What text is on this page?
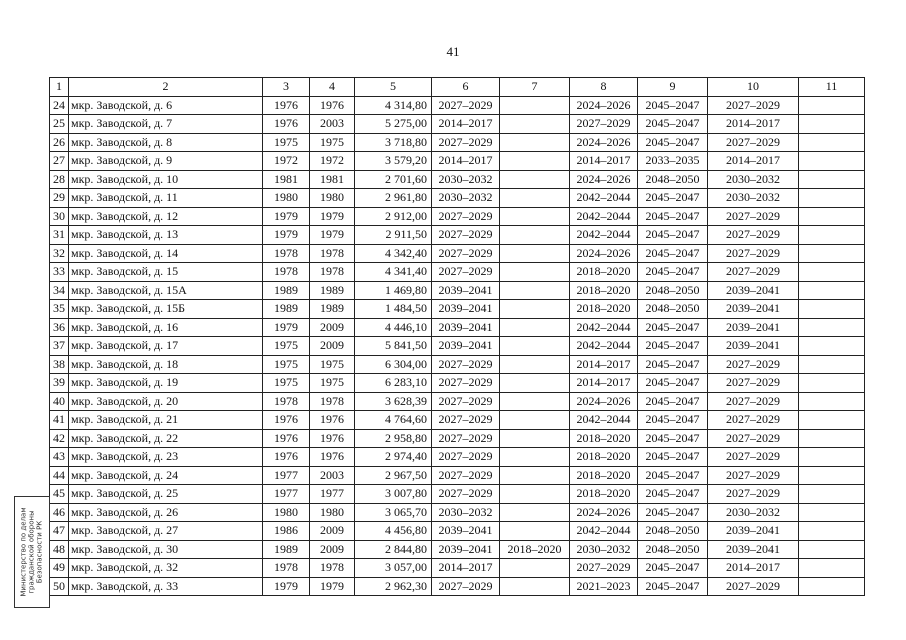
41
1	2	3	4	5	6	7	8	9	10	11
24	мкр. Заводской, д. 6	1976	1976	4 314,80	2027–2029		2024–2026	2045–2047	2027–2029	
25	мкр. Заводской, д. 7	1976	2003	5 275,00	2014–2017		2027–2029	2045–2047	2014–2017	
26	мкр. Заводской, д. 8	1975	1975	3 718,80	2027–2029		2024–2026	2045–2047	2027–2029	
27	мкр. Заводской, д. 9	1972	1972	3 579,20	2014–2017		2014–2017	2033–2035	2014–2017	
28	мкр. Заводской, д. 10	1981	1981	2 701,60	2030–2032		2024–2026	2048–2050	2030–2032	
29	мкр. Заводской, д. 11	1980	1980	2 961,80	2030–2032		2042–2044	2045–2047	2030–2032	
30	мкр. Заводской, д. 12	1979	1979	2 912,00	2027–2029		2042–2044	2045–2047	2027–2029	
31	мкр. Заводской, д. 13	1979	1979	2 911,50	2027–2029		2042–2044	2045–2047	2027–2029	
32	мкр. Заводской, д. 14	1978	1978	4 342,40	2027–2029		2024–2026	2045–2047	2027–2029	
33	мкр. Заводской, д. 15	1978	1978	4 341,40	2027–2029		2018–2020	2045–2047	2027–2029	
34	мкр. Заводской, д. 15А	1989	1989	1 469,80	2039–2041		2018–2020	2048–2050	2039–2041	
35	мкр. Заводской, д. 15Б	1989	1989	1 484,50	2039–2041		2018–2020	2048–2050	2039–2041	
36	мкр. Заводской, д. 16	1979	2009	4 446,10	2039–2041		2042–2044	2045–2047	2039–2041	
37	мкр. Заводской, д. 17	1975	2009	5 841,50	2039–2041		2042–2044	2045–2047	2039–2041	
38	мкр. Заводской, д. 18	1975	1975	6 304,00	2027–2029		2014–2017	2045–2047	2027–2029	
39	мкр. Заводской, д. 19	1975	1975	6 283,10	2027–2029		2014–2017	2045–2047	2027–2029	
40	мкр. Заводской, д. 20	1978	1978	3 628,39	2027–2029		2024–2026	2045–2047	2027–2029	
41	мкр. Заводской, д. 21	1976	1976	4 764,60	2027–2029		2042–2044	2045–2047	2027–2029	
42	мкр. Заводской, д. 22	1976	1976	2 958,80	2027–2029		2018–2020	2045–2047	2027–2029	
43	мкр. Заводской, д. 23	1976	1976	2 974,40	2027–2029		2018–2020	2045–2047	2027–2029	
44	мкр. Заводской, д. 24	1977	2003	2 967,50	2027–2029		2018–2020	2045–2047	2027–2029	
45	мкр. Заводской, д. 25	1977	1977	3 007,80	2027–2029		2018–2020	2045–2047	2027–2029	
46	мкр. Заводской, д. 26	1980	1980	3 065,70	2030–2032		2024–2026	2045–2047	2030–2032	
47	мкр. Заводской, д. 27	1986	2009	4 456,80	2039–2041		2042–2044	2048–2050	2039–2041	
48	мкр. Заводской, д. 30	1989	2009	2 844,80	2039–2041	2018–2020	2030–2032	2048–2050	2039–2041	
49	мкр. Заводской, д. 32	1978	1978	3 057,00	2014–2017		2027–2029	2045–2047	2014–2017	
50	мкр. Заводской, д. 33	1979	1979	2 962,30	2027–2029		2021–2023	2045–2047	2027–2029	
Министерство по делам гражданской обороны Безопасности РК
